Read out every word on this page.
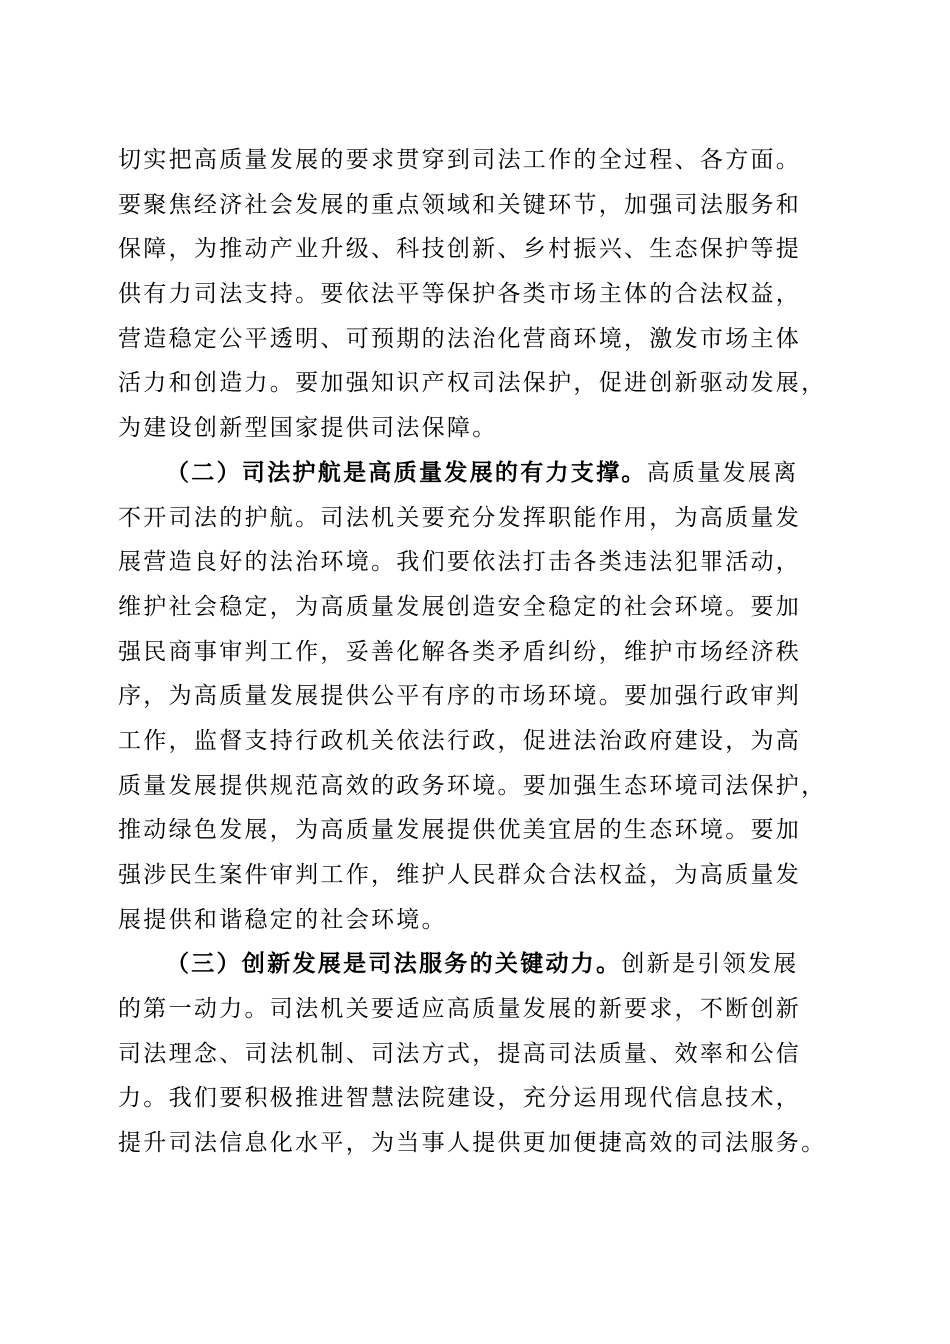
切实把高质量发展的要求贯穿到司法工作的全过程、各方面。
要聚焦经济社会发展的重点领域和关键环节，加强司法服务和
保障，为推动产业升级、科技创新、乡村振兴、生态保护等提
供有力司法支持。要依法平等保护各类市场主体的合法权益，
营造稳定公平透明、可预期的法治化营商环境，激发市场主体
活力和创造力。要加强知识产权司法保护，促进创新驱动发展，
为建设创新型国家提供司法保障。
（二）司法护航是高质量发展的有力支撑。高质量发展离
不开司法的护航。司法机关要充分发挥职能作用，为高质量发
展营造良好的法治环境。我们要依法打击各类违法犯罪活动，
维护社会稳定，为高质量发展创造安全稳定的社会环境。要加
强民商事审判工作，妥善化解各类矛盾纠纷，维护市场经济秩
序，为高质量发展提供公平有序的市场环境。要加强行政审判
工作，监督支持行政机关依法行政，促进法治政府建设，为高
质量发展提供规范高效的政务环境。要加强生态环境司法保护，
推动绿色发展，为高质量发展提供优美宜居的生态环境。要加
强涉民生案件审判工作，维护人民群众合法权益，为高质量发
展提供和谐稳定的社会环境。
（三）创新发展是司法服务的关键动力。创新是引领发展
的第一动力。司法机关要适应高质量发展的新要求，不断创新
司法理念、司法机制、司法方式，提高司法质量、效率和公信
力。我们要积极推进智慧法院建设，充分运用现代信息技术，
提升司法信息化水平，为当事人提供更加便捷高效的司法服务。
